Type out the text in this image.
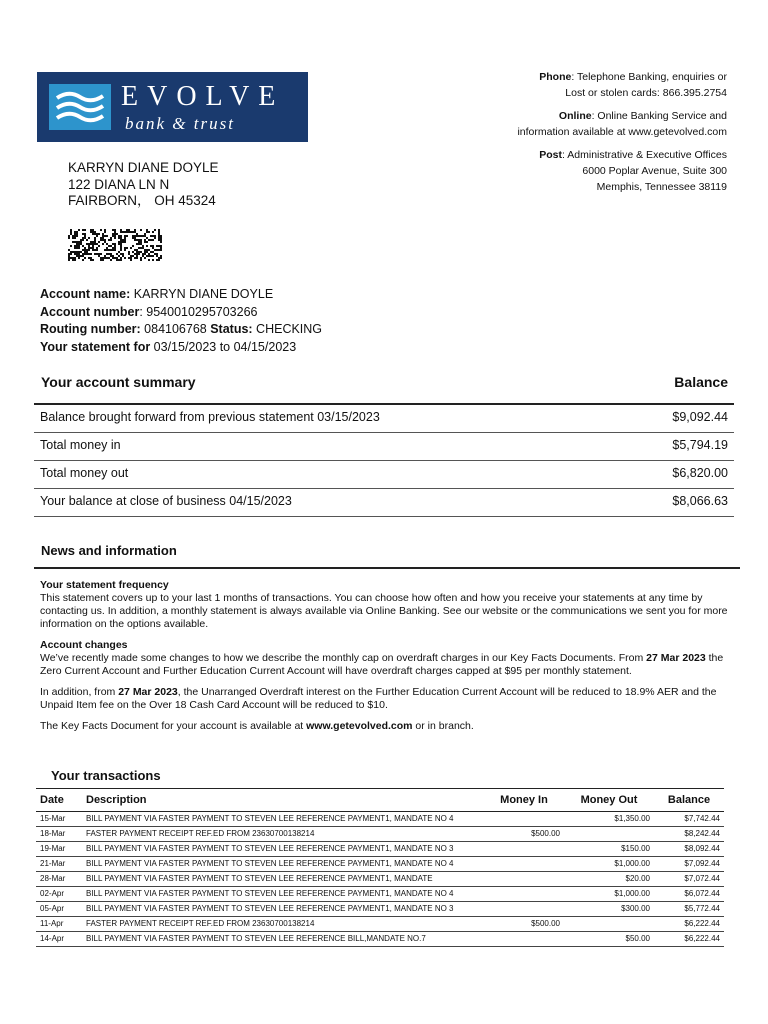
EVOLVE
bank & trust

Phone: Telephone Banking, enquiries or
Lost or stolen cards: 866.395.2754

Online: Online Banking Service and
information available at www.getevolved.com

Post: Administrative & Executive Offices
6000 Poplar Avenue, Suite 300
Memphis, Tennessee 38119

KARRYN DIANE DOYLE
122 DIANA LN N
FAIRBORN， OH 45324
Account name: KARRYN DIANE DOYLE
Account number: 9540010295703266
Routing number: 084106768 Status: CHECKING
Your statement for 03/15/2023 to 04/15/2023
Your account summary	Balance
Balance brought forward from previous statement 03/15/2023	$9,092.44
Total money in	$5,794.19
Total money out	$6,820.00
Your balance at close of business 04/15/2023	$8,066.63
News and information
Your statement frequency

This statement covers up to your last 1 months of transactions. You can choose how often and how you receive your statements at any time by contacting us. In addition, a monthly statement is always available via Online Banking. See our website or the communications we sent you for more information on the options available.

Account changes

We’ve recently made some changes to how we describe the monthly cap on overdraft charges in our Key Facts Documents. From 27 Mar 2023 the Zero Current Account and Further Education Current Account will have overdraft charges capped at $95 per monthly statement.

In addition, from 27 Mar 2023, the Unarranged Overdraft interest on the Further Education Current Account will be reduced to 18.9% AER and the Unpaid Item fee on the Over 18 Cash Card Account will be reduced to $10.

The Key Facts Document for your account is available at www.getevolved.com or in branch.

Your transactions
Date	Description	Money In	Money Out	Balance
15-Mar	BILL PAYMENT VIA FASTER PAYMENT TO STEVEN LEE REFERENCE PAYMENT1, MANDATE NO 4		$1,350.00	$7,742.44
18-Mar	FASTER PAYMENT RECEIPT REF.ED FROM 23630700138214	$500.00		$8,242.44
19-Mar	BILL PAYMENT VIA FASTER PAYMENT TO STEVEN LEE REFERENCE PAYMENT1, MANDATE NO 3		$150.00	$8,092.44
21-Mar	BILL PAYMENT VIA FASTER PAYMENT TO STEVEN LEE REFERENCE PAYMENT1, MANDATE NO 4		$1,000.00	$7,092.44
28-Mar	BILL PAYMENT VIA FASTER PAYMENT TO STEVEN LEE REFERENCE PAYMENT1, MANDATE		$20.00	$7,072.44
02-Apr	BILL PAYMENT VIA FASTER PAYMENT TO STEVEN LEE REFERENCE PAYMENT1, MANDATE NO 4		$1,000.00	$6,072.44
05-Apr	BILL PAYMENT VIA FASTER PAYMENT TO STEVEN LEE REFERENCE PAYMENT1, MANDATE NO 3		$300.00	$5,772.44
11-Apr	FASTER PAYMENT RECEIPT REF.ED FROM 23630700138214	$500.00		$6,222.44
14-Apr	BILL PAYMENT VIA FASTER PAYMENT TO STEVEN LEE REFERENCE BILL,MANDATE NO.7		$50.00	$6,222.44
